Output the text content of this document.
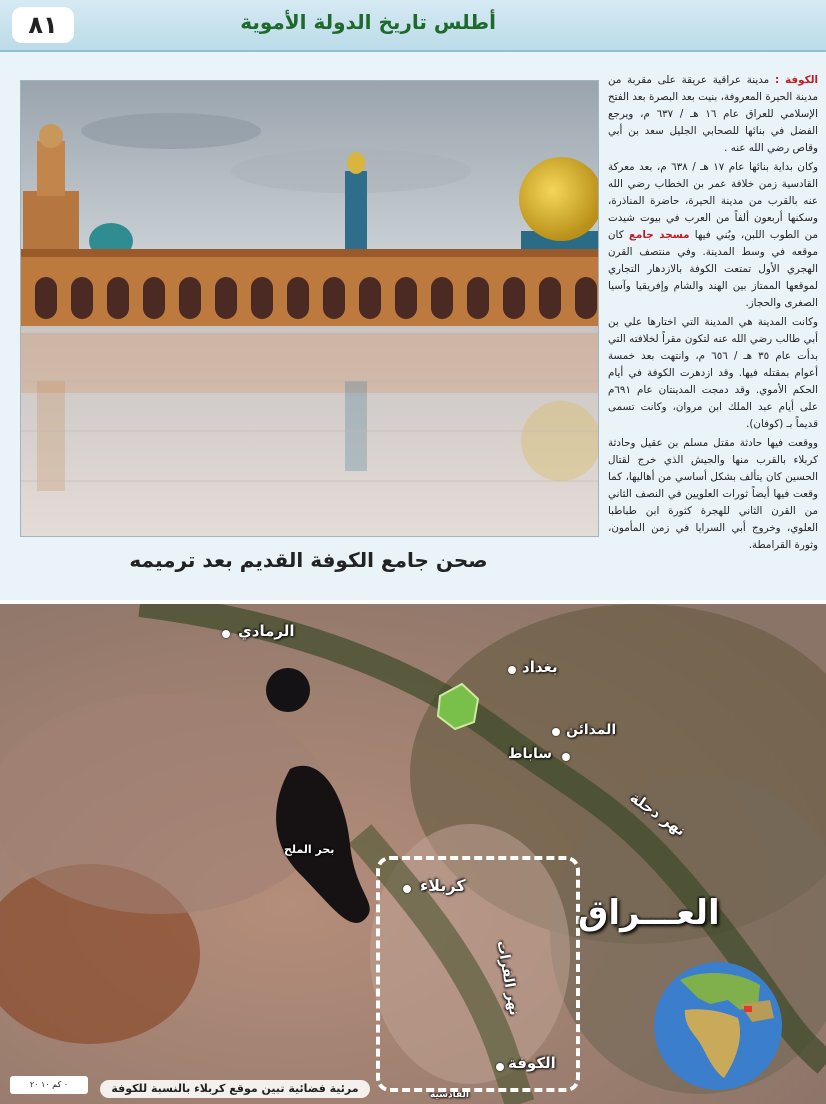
٨١	أطلس تاريخ الدولة الأموية
صحن جامع الكوفة القديم بعد ترميمه

الكوفة : مدينة عراقية عريقة على مقربة من مدينة الحيرة المعروفة، بنيت بعد البصرة بعد الفتح الإسلامي للعراق عام ١٦ هـ / ٦٣٧ م، ويرجع الفضل في بنائها للصحابي الجليل سعد بن أبي وقاص رضي الله عنه .

وكان بداية بنائها عام ١٧ هـ / ٦٣٨ م، بعد معركة القادسية زمن خلافة عمر بن الخطاب رضي الله عنه بالقرب من مدينة الحيرة، حاضرة المناذرة، وسكنها أربعون ألفاً من العرب في بيوت شيدت من الطوب اللبن، وبُني فيها مسجد جامع كان موقعه في وسط المدينة. وفي منتصف القرن الهجري الأول تمتعت الكوفة بالازدهار التجاري لموقعها الممتاز بين الهند والشام وإفريقيا وآسيا الصغرى والحجاز.

وكانت المدينة هي المدينة التي اختارها علي بن أبي طالب رضي الله عنه لتكون مقراً لخلافته التي بدأت عام ٣٥ هـ / ٦٥٦ م، وانتهت بعد خمسة أعوام بمقتله فيها. وقد ازدهرت الكوفة في أيام الحكم الأموي. وقد دمجت المدينتان عام ٦٩١م على أيام عبد الملك ابن مروان، وكانت تسمى قديماً بـ (كوفان).

ووقعت فيها حادثة مقتل مسلم بن عقيل وحادثة كربلاء بالقرب منها والجيش الذي خرج لقتال الحسين كان يتألف بشكل أساسي من أهاليها، كما وقعت فيها أيضاً ثورات العلويين في النصف الثاني من القرن الثاني للهجرة كثورة ابن طباطبا العلوي، وخروج أبي السرايا في زمن المأمون، وثورة القرامطة.

الرمادي
بغداد
المدائن
ساباط
نهر دجلة
بحر الملح
كربلاء
نهر الفرات
الكوفة
القادسية
العـــراق
٠ كم ١٠ ٢٠	مرئية فضائية تبين موقع كربلاء بالنسبة للكوفة
